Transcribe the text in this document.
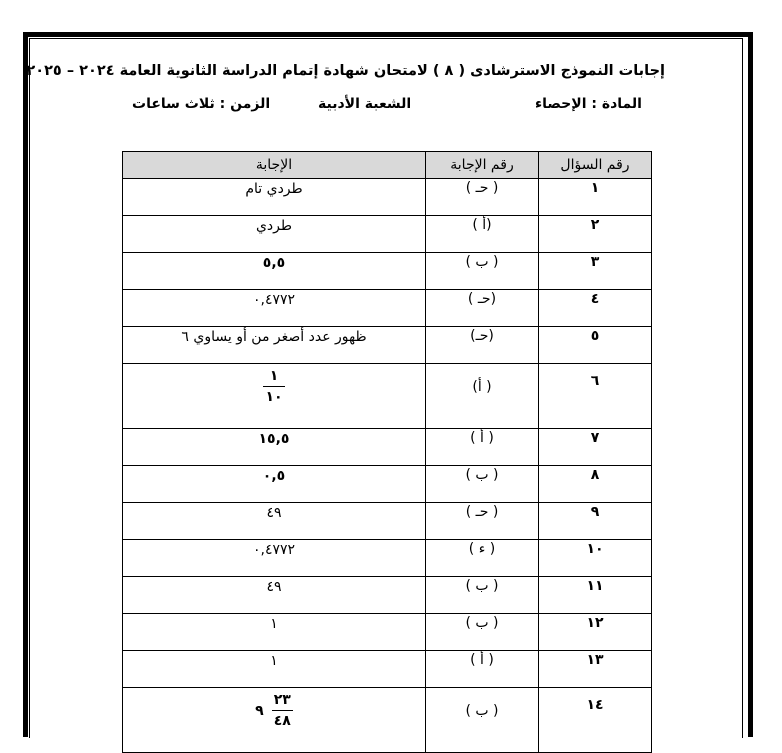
إجابات النموذج الاسترشادى ( ٨ ) لامتحان شهادة إتمام الدراسة الثانوية العامة ٢٠٢٤ – ٢٠٢٥
المادة : الإحصاء
الشعبة الأدبية
الزمن : ثلاث ساعات
رقم السؤال	رقم الإجابة	الإجابة
١	( حـ )	طردي تام
٢	(أ )	طردي
٣	( ب )	٥,٥
٤	(حـ )	٠,٤٧٧٢
٥	(حـ)	ظهور عدد أصغر من أو يساوي ٦
٦	( أ)	$\frac{١}{١٠}$

٧	( أ )	١٥,٥
٨	( ب )	٠,٥
٩	( حـ )	٤٩
١٠	( ء )	٠,٤٧٧٢
١١	( ب )	٤٩
١٢	( ب )	١
١٣	( أ )	١
١٤	( ب )	٩ $\frac{٢٣}{٤٨}$
